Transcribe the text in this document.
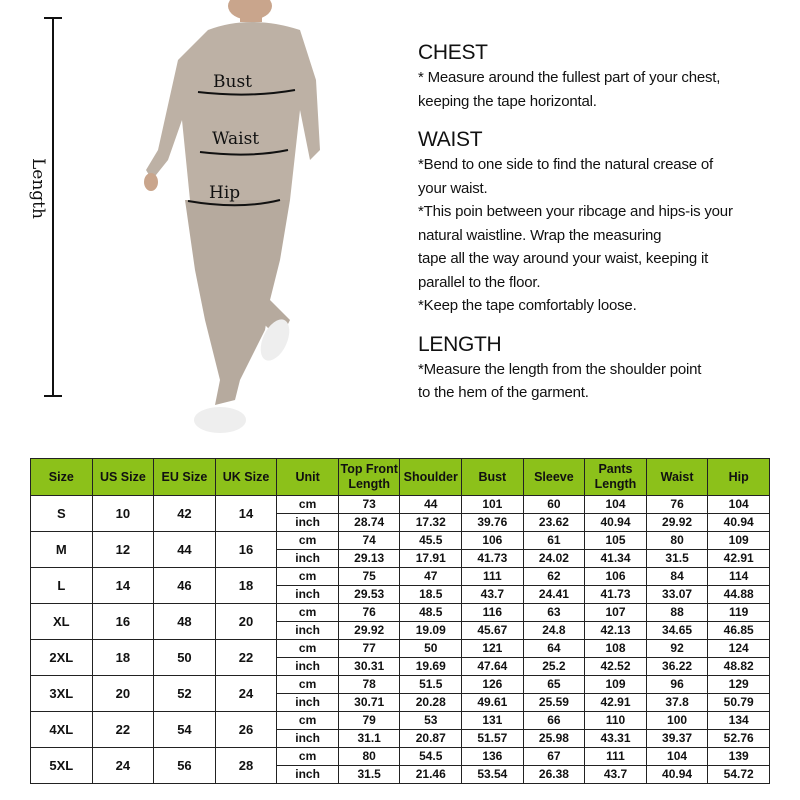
Length
Bust
Waist
Hip
CHEST

* Measure around the fullest part of your chest,

keeping the tape horizontal.

WAIST

*Bend to one side to find the natural crease of

your waist.

*This poin between your ribcage and hips-is your

natural waistline. Wrap the measuring

tape all the way around your waist, keeping it

parallel to the floor.

*Keep the tape comfortably loose.

LENGTH

*Measure the length from the shoulder point

to the hem of the garment.

Size	US Size	EU Size	UK Size	Unit	Top Front Length	Shoulder	Bust	Sleeve	Pants Length	Waist	Hip
S	10	42	14	cm	73	44	101	60	104	76	104
				inch	28.74	17.32	39.76	23.62	40.94	29.92	40.94
M	12	44	16	cm	74	45.5	106	61	105	80	109
				inch	29.13	17.91	41.73	24.02	41.34	31.5	42.91
L	14	46	18	cm	75	47	111	62	106	84	114
				inch	29.53	18.5	43.7	24.41	41.73	33.07	44.88
XL	16	48	20	cm	76	48.5	116	63	107	88	119
				inch	29.92	19.09	45.67	24.8	42.13	34.65	46.85
2XL	18	50	22	cm	77	50	121	64	108	92	124
				inch	30.31	19.69	47.64	25.2	42.52	36.22	48.82
3XL	20	52	24	cm	78	51.5	126	65	109	96	129
				inch	30.71	20.28	49.61	25.59	42.91	37.8	50.79
4XL	22	54	26	cm	79	53	131	66	110	100	134
				inch	31.1	20.87	51.57	25.98	43.31	39.37	52.76
5XL	24	56	28	cm	80	54.5	136	67	111	104	139
				inch	31.5	21.46	53.54	26.38	43.7	40.94	54.72
